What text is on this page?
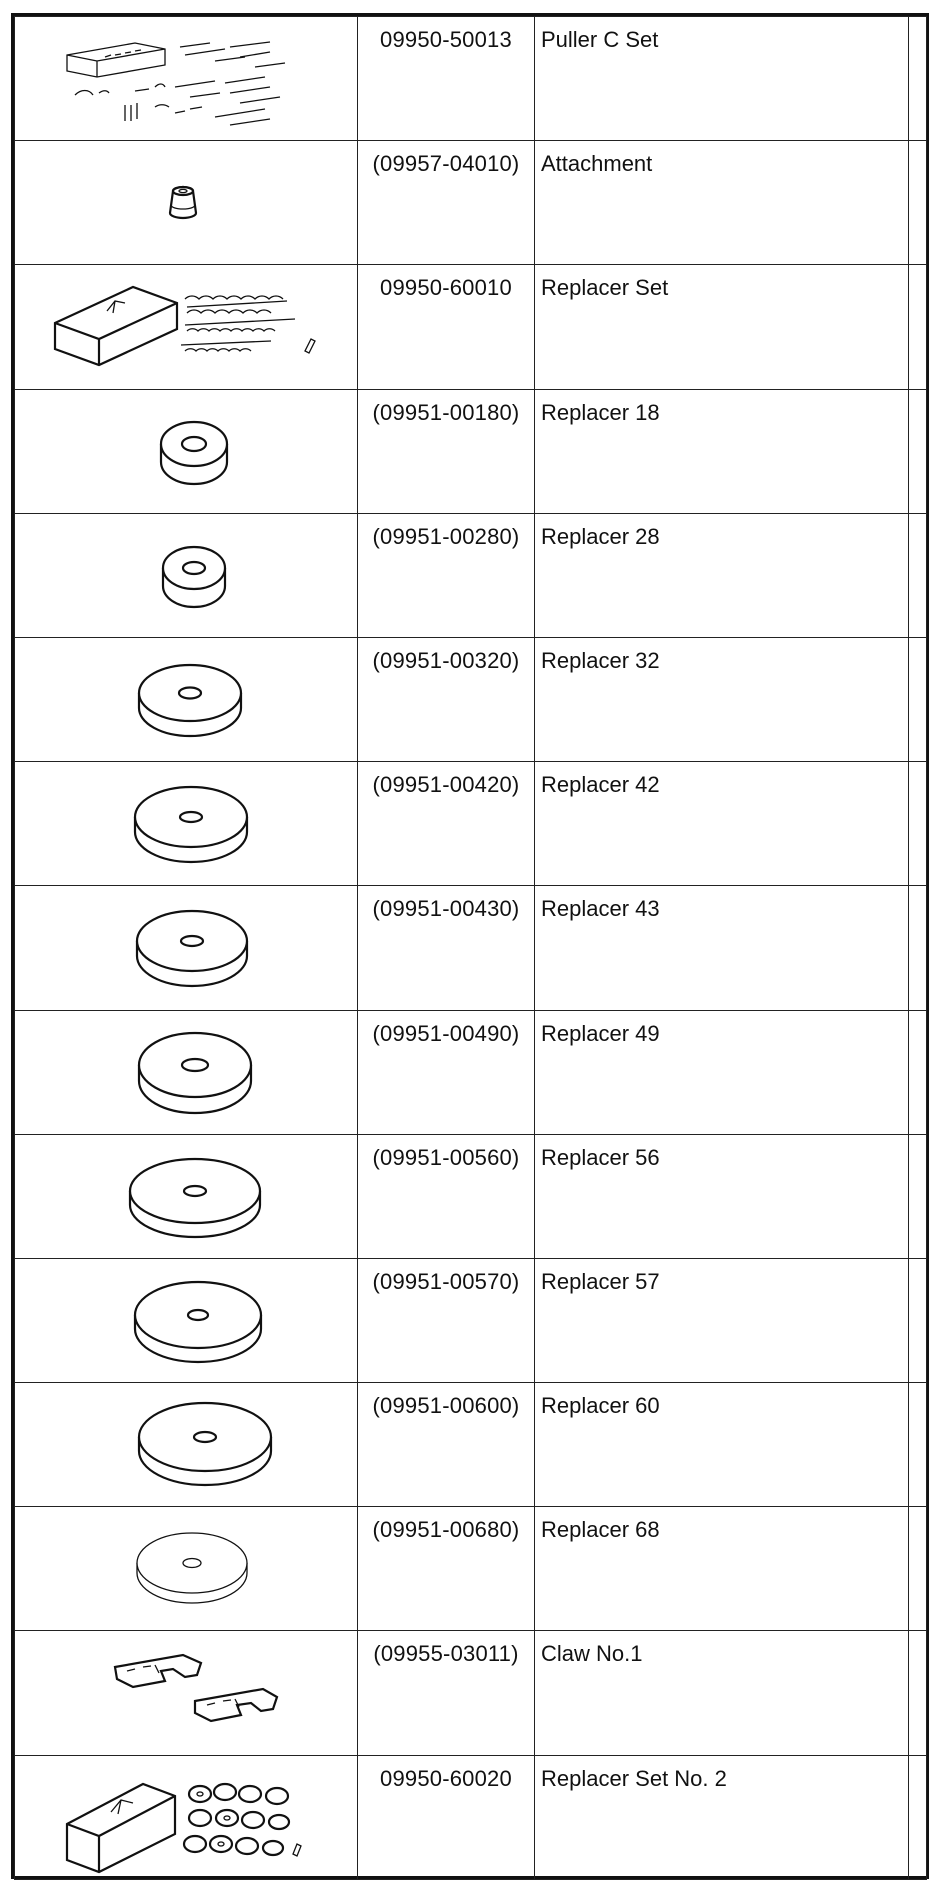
	09950-50013	Puller C Set	

	(09957-04010)	Attachment	

	09950-60010	Replacer Set	

	(09951-00180)	Replacer 18	

	(09951-00280)	Replacer 28	

	(09951-00320)	Replacer 32	

	(09951-00420)	Replacer 42	

	(09951-00430)	Replacer 43	

	(09951-00490)	Replacer 49	

	(09951-00560)	Replacer 56	

	(09951-00570)	Replacer 57	

	(09951-00600)	Replacer 60	

	(09951-00680)	Replacer 68	

	(09955-03011)	Claw No.1	

	09950-60020	Replacer Set No. 2	
